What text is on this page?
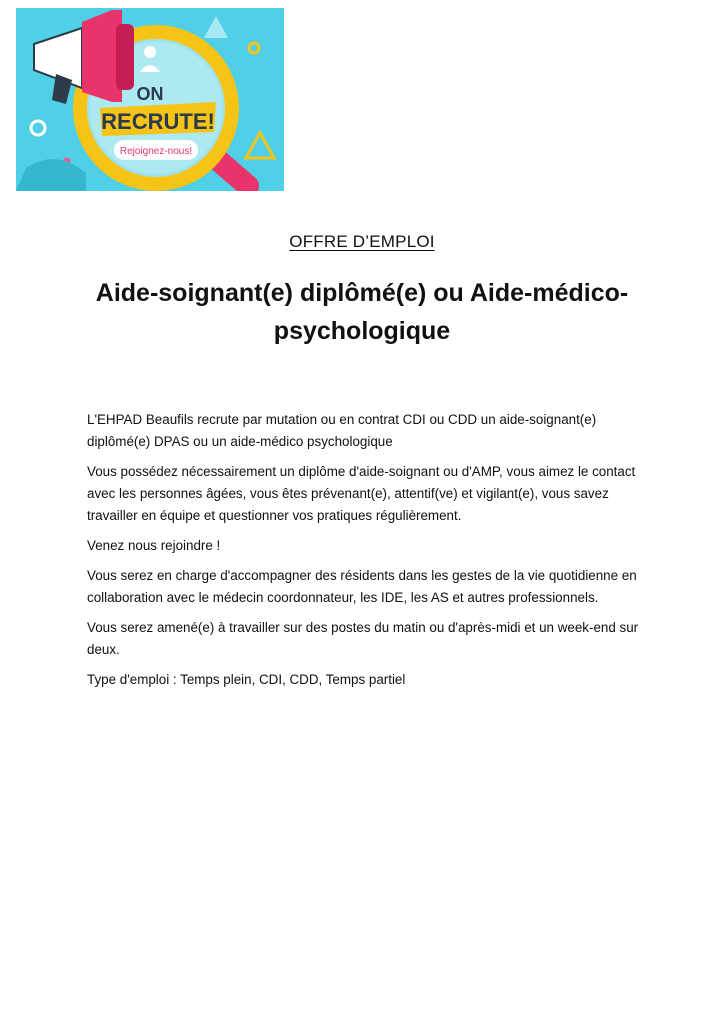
ON
RECRUTE!
Rejoignez-nous!
OFFRE D’EMPLOI
Aide-soignant(e) diplômé(e) ou Aide-médico-psychologique

L'EHPAD Beaufils recrute par mutation ou en contrat CDI ou CDD un aide-soignant(e) diplômé(e) DPAS ou un aide-médico psychologique

Vous possédez nécessairement un diplôme d'aide-soignant ou d'AMP, vous aimez le contact avec les personnes âgées, vous êtes prévenant(e), attentif(ve) et vigilant(e), vous savez travailler en équipe et questionner vos pratiques régulièrement.

Venez nous rejoindre !

Vous serez en charge d'accompagner des résidents dans les gestes de la vie quotidienne en collaboration avec le médecin coordonnateur, les IDE, les AS et autres professionnels.

Vous serez amené(e) à travailler sur des postes du matin ou d'après-midi et un week-end sur deux.

Type d'emploi : Temps plein, CDI, CDD, Temps partiel
